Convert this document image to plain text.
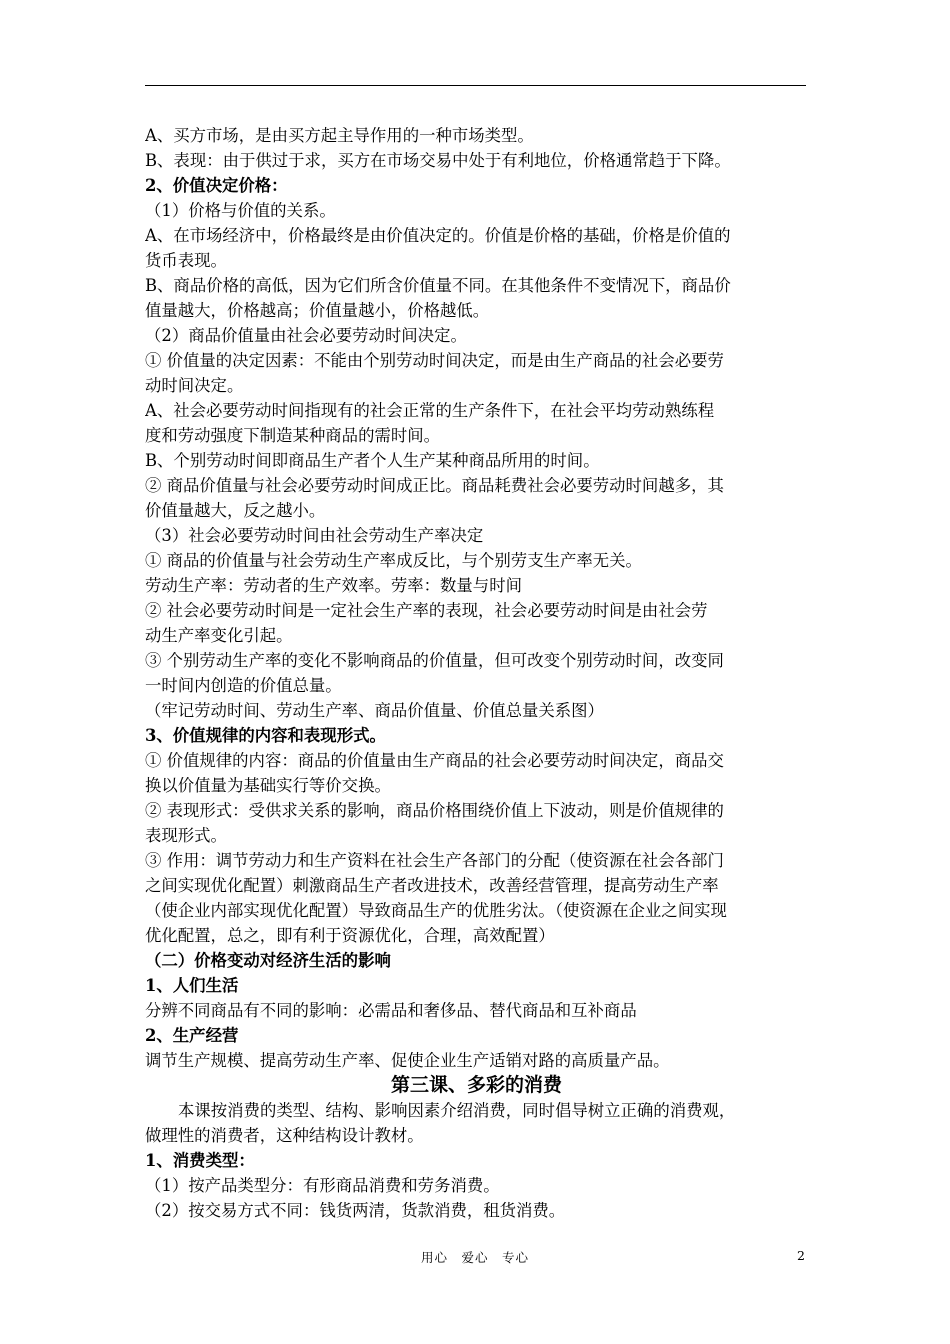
A、买方市场，是由买方起主导作用的一种市场类型。
B、表现：由于供过于求，买方在市场交易中处于有利地位，价格通常趋于下降。
2、价值决定价格：
（1）价格与价值的关系。
A、在市场经济中，价格最终是由价值决定的。价值是价格的基础，价格是价值的
货币表现。
B、商品价格的高低，因为它们所含价值量不同。在其他条件不变情况下，商品价
值量越大，价格越高；价值量越小，价格越低。
（2）商品价值量由社会必要劳动时间决定。
① 价值量的决定因素：不能由个别劳动时间决定，而是由生产商品的社会必要劳
动时间决定。
A、社会必要劳动时间指现有的社会正常的生产条件下，在社会平均劳动熟练程
度和劳动强度下制造某种商品的需时间。
B、个别劳动时间即商品生产者个人生产某种商品所用的时间。
② 商品价值量与社会必要劳动时间成正比。商品耗费社会必要劳动时间越多，其
价值量越大，反之越小。
（3）社会必要劳动时间由社会劳动生产率决定
① 商品的价值量与社会劳动生产率成反比，与个别劳支生产率无关。
劳动生产率：劳动者的生产效率。劳率：数量与时间
② 社会必要劳动时间是一定社会生产率的表现，社会必要劳动时间是由社会劳
动生产率变化引起。
③ 个别劳动生产率的变化不影响商品的价值量，但可改变个别劳动时间，改变同
一时间内创造的价值总量。
（牢记劳动时间、劳动生产率、商品价值量、价值总量关系图）
3、价值规律的内容和表现形式。
① 价值规律的内容：商品的价值量由生产商品的社会必要劳动时间决定，商品交
换以价值量为基础实行等价交换。
② 表现形式：受供求关系的影响，商品价格围绕价值上下波动，则是价值规律的
表现形式。
③ 作用：调节劳动力和生产资料在社会生产各部门的分配（使资源在社会各部门
之间实现优化配置）刺激商品生产者改进技术，改善经营管理，提高劳动生产率
（使企业内部实现优化配置）导致商品生产的优胜劣汰。（使资源在企业之间实现
优化配置，总之，即有利于资源优化，合理，高效配置）
（二）价格变动对经济生活的影响
1、人们生活
分辨不同商品有不同的影响：必需品和奢侈品、替代商品和互补商品
2、生产经营
调节生产规模、提高劳动生产率、促使企业生产适销对路的高质量产品。
第三课、多彩的消费
本课按消费的类型、结构、影响因素介绍消费，同时倡导树立正确的消费观，
做理性的消费者，这种结构设计教材。
1、消费类型：
（1）按产品类型分：有形商品消费和劳务消费。
（2）按交易方式不同：钱货两清，货款消费，租货消费。
用心　爱心　专心	2
